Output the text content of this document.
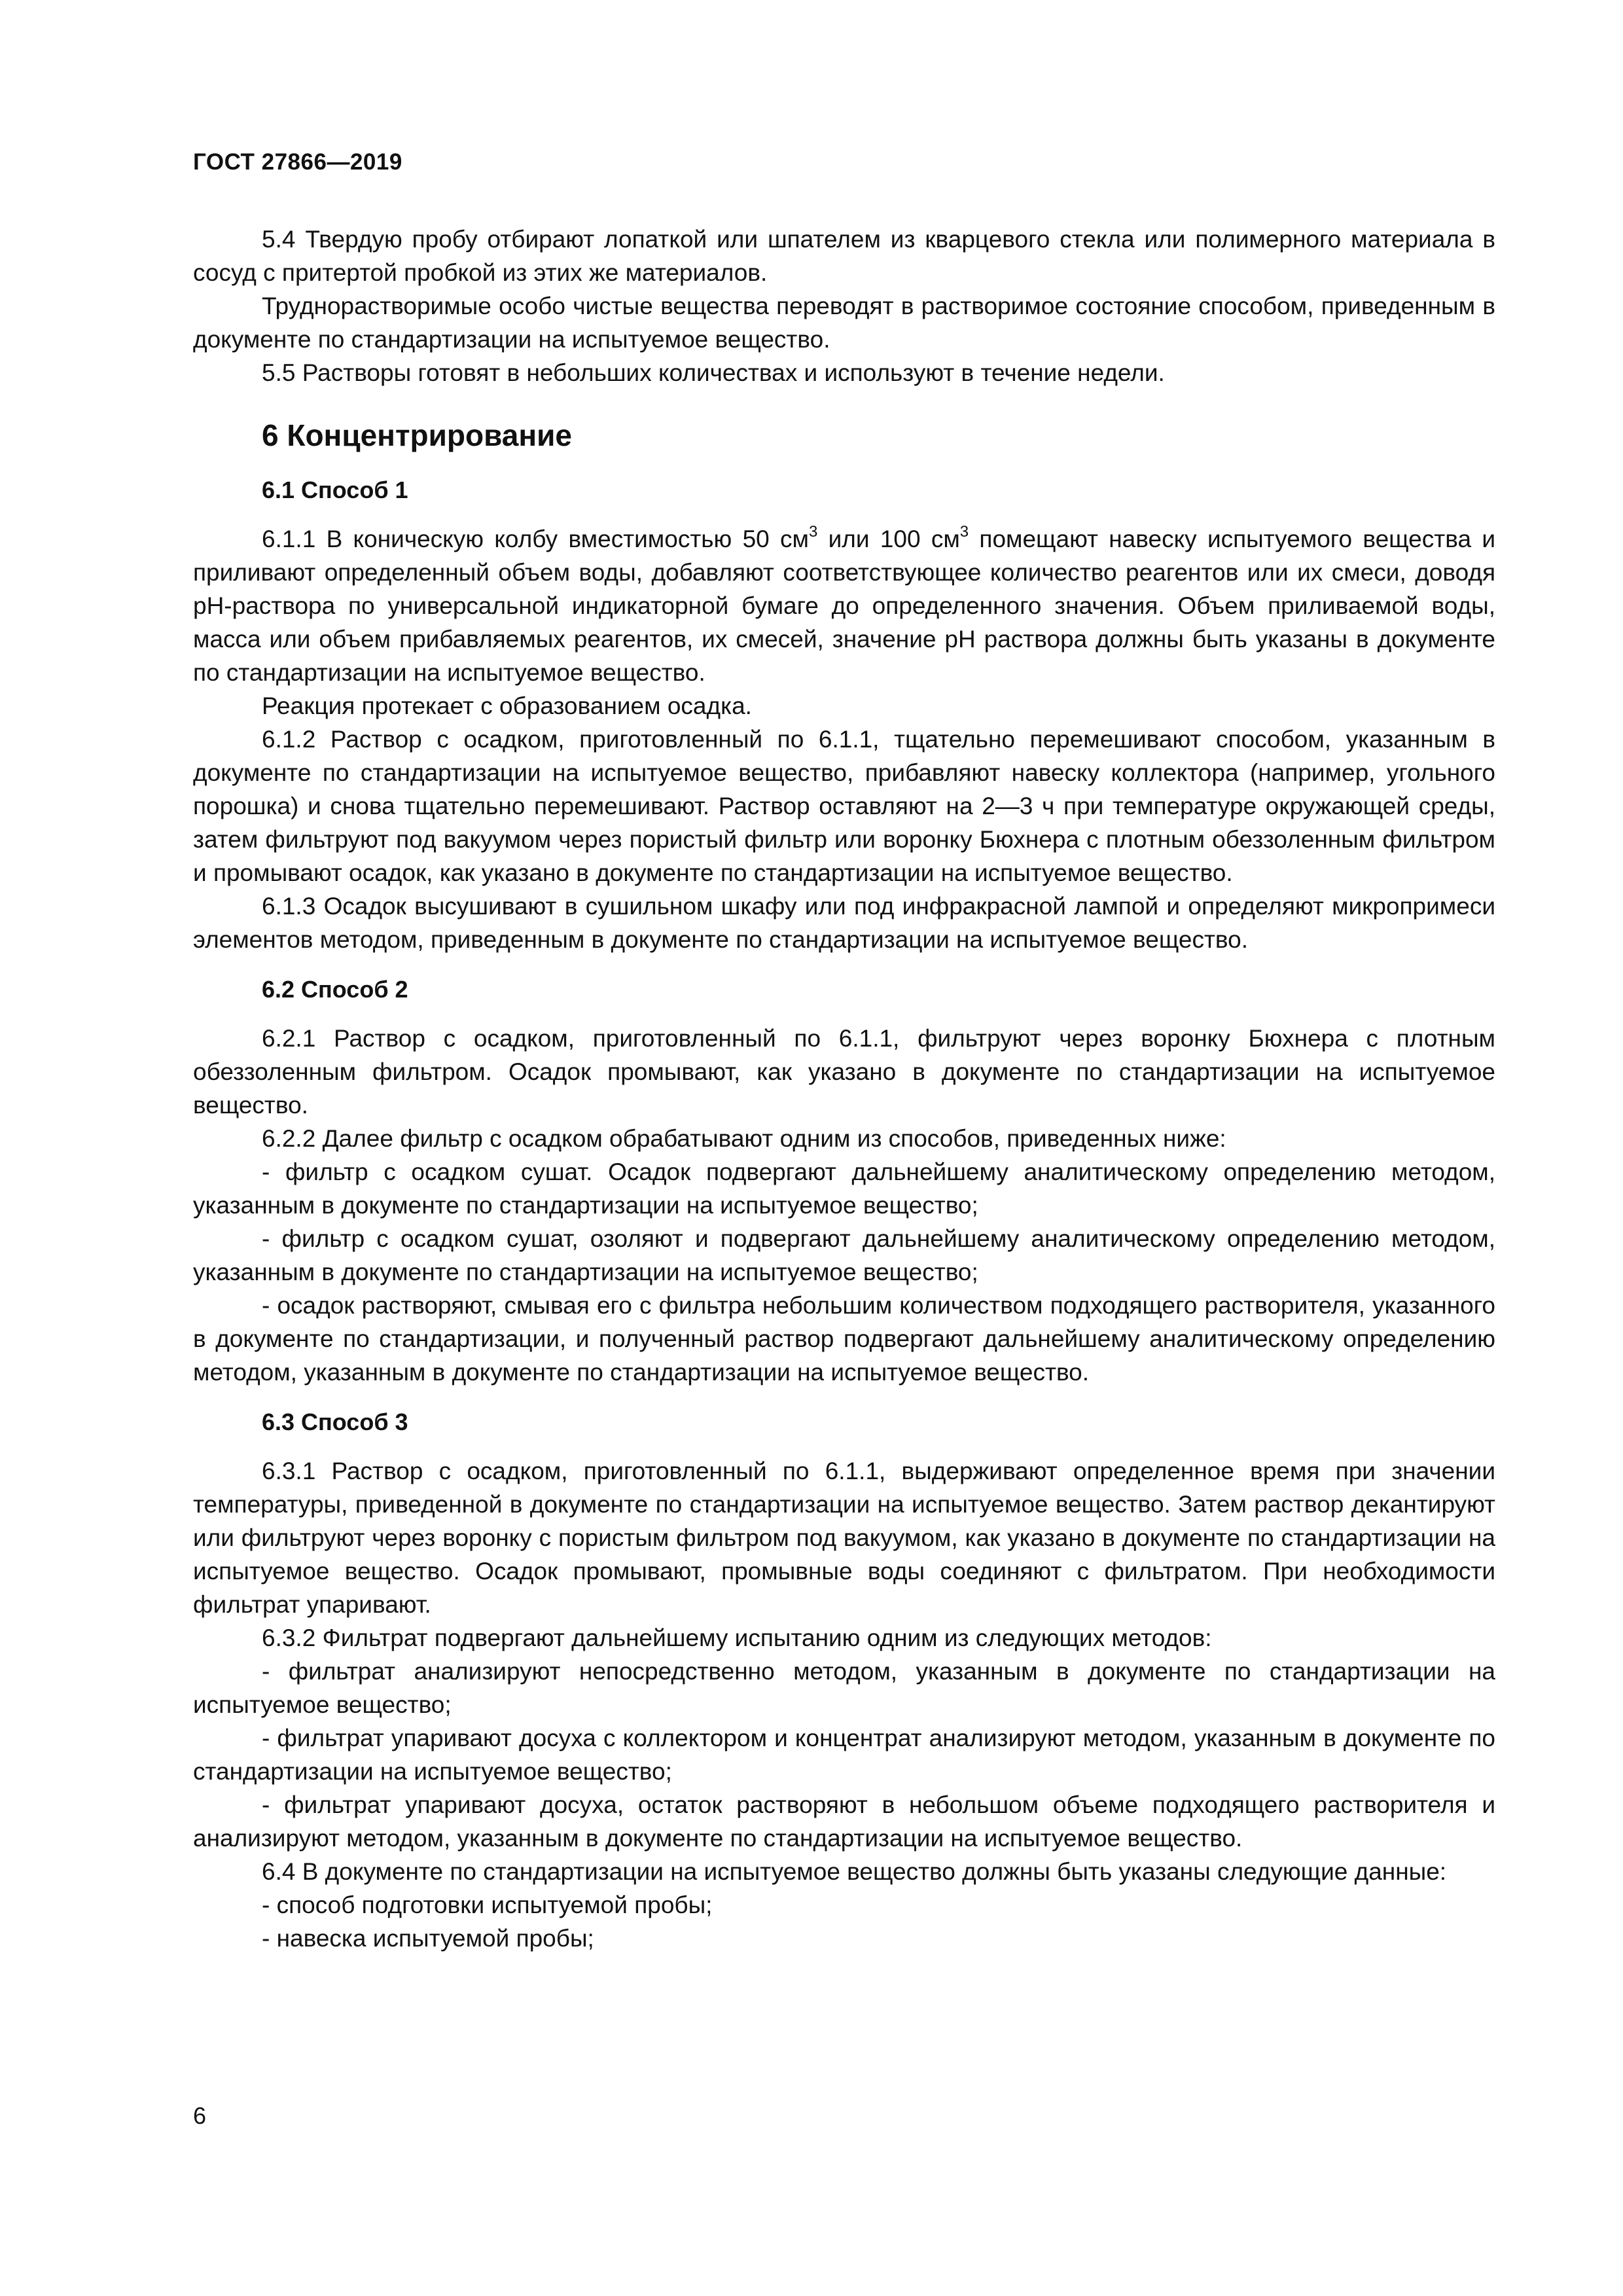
ГОСТ 27866—2019

5.4 Твердую пробу отбирают лопаткой или шпателем из кварцевого стекла или полимерного материала в сосуд с притертой пробкой из этих же материалов.

Труднорастворимые особо чистые вещества переводят в растворимое состояние способом, приведенным в документе по стандартизации на испытуемое вещество.

5.5 Растворы готовят в небольших количествах и используют в течение недели.

6 Концентрирование
6.1 Способ 1

6.1.1 В коническую колбу вместимостью 50 $см^3$ или 100 $см^3$ помещают навеску испытуемого вещества и приливают определенный объем воды, добавляют соответствующее количество реагентов или их смеси, доводя pH-раствора по универсальной индикаторной бумаге до определенного значения. Объем приливаемой воды, масса или объем прибавляемых реагентов, их смесей, значение pH раствора должны быть указаны в документе по стандартизации на испытуемое вещество.

Реакция протекает с образованием осадка.

6.1.2 Раствор с осадком, приготовленный по 6.1.1, тщательно перемешивают способом, указанным в документе по стандартизации на испытуемое вещество, прибавляют навеску коллектора (например, угольного порошка) и снова тщательно перемешивают. Раствор оставляют на 2—3 ч при температуре окружающей среды, затем фильтруют под вакуумом через пористый фильтр или воронку Бюхнера с плотным обеззоленным фильтром и промывают осадок, как указано в документе по стандартизации на испытуемое вещество.

6.1.3 Осадок высушивают в сушильном шкафу или под инфракрасной лампой и определяют микропримеси элементов методом, приведенным в документе по стандартизации на испытуемое вещество.

6.2 Способ 2

6.2.1 Раствор с осадком, приготовленный по 6.1.1, фильтруют через воронку Бюхнера с плотным обеззоленным фильтром. Осадок промывают, как указано в документе по стандартизации на испытуемое вещество.

6.2.2 Далее фильтр с осадком обрабатывают одним из способов, приведенных ниже:

- фильтр с осадком сушат. Осадок подвергают дальнейшему аналитическому определению методом, указанным в документе по стандартизации на испытуемое вещество;

- фильтр с осадком сушат, озоляют и подвергают дальнейшему аналитическому определению методом, указанным в документе по стандартизации на испытуемое вещество;

- осадок растворяют, смывая его с фильтра небольшим количеством подходящего растворителя, указанного в документе по стандартизации, и полученный раствор подвергают дальнейшему аналитическому определению методом, указанным в документе по стандартизации на испытуемое вещество.

6.3 Способ 3

6.3.1 Раствор с осадком, приготовленный по 6.1.1, выдерживают определенное время при значении температуры, приведенной в документе по стандартизации на испытуемое вещество. Затем раствор декантируют или фильтруют через воронку с пористым фильтром под вакуумом, как указано в документе по стандартизации на испытуемое вещество. Осадок промывают, промывные воды соединяют с фильтратом. При необходимости фильтрат упаривают.

6.3.2 Фильтрат подвергают дальнейшему испытанию одним из следующих методов:

- фильтрат анализируют непосредственно методом, указанным в документе по стандартизации на испытуемое вещество;

- фильтрат упаривают досуха с коллектором и концентрат анализируют методом, указанным в документе по стандартизации на испытуемое вещество;

- фильтрат упаривают досуха, остаток растворяют в небольшом объеме подходящего растворителя и анализируют методом, указанным в документе по стандартизации на испытуемое вещество.

6.4 В документе по стандартизации на испытуемое вещество должны быть указаны следующие данные:

- способ подготовки испытуемой пробы;

- навеска испытуемой пробы;

6
